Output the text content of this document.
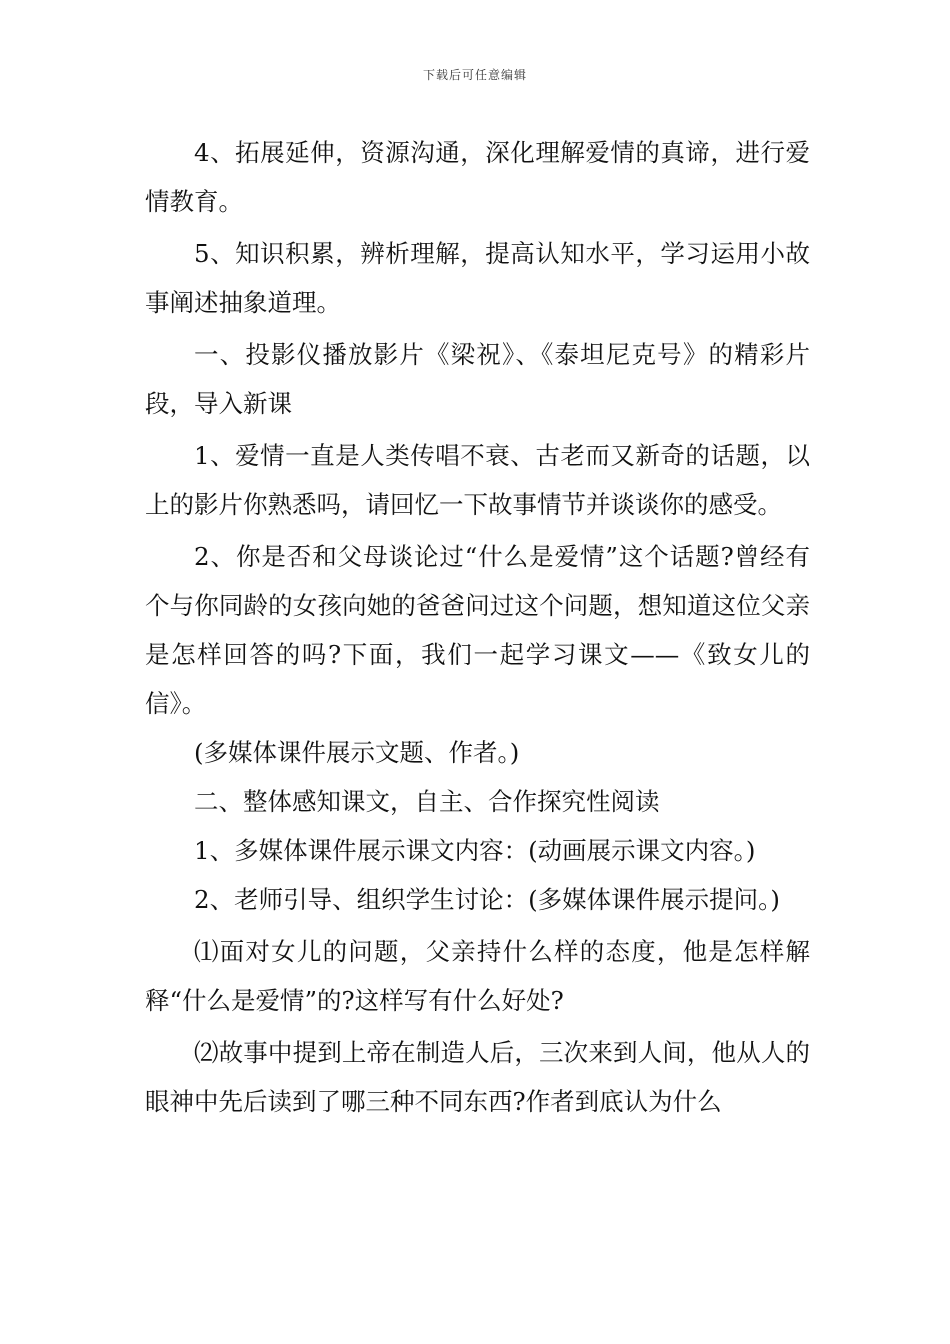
下载后可任意编辑

4、拓展延伸，资源沟通，深化理解爱情的真谛，进行爱情教育。

5、知识积累，辨析理解，提高认知水平，学习运用小故事阐述抽象道理。

一、投影仪播放影片《梁祝》、《泰坦尼克号》的精彩片段，导入新课

1、爱情一直是人类传唱不衰、古老而又新奇的话题，以上的影片你熟悉吗，请回忆一下故事情节并谈谈你的感受。

2、你是否和父母谈论过“什么是爱情”这个话题?曾经有个与你同龄的女孩向她的爸爸问过这个问题，想知道这位父亲是怎样回答的吗?下面，我们一起学习课文——《致女儿的信》。

(多媒体课件展示文题、作者。)

二、整体感知课文，自主、合作探究性阅读

1、多媒体课件展示课文内容：(动画展示课文内容。)

2、老师引导、组织学生讨论：(多媒体课件展示提问。)

⑴面对女儿的问题，父亲持什么样的态度，他是怎样解释“什么是爱情”的?这样写有什么好处?

⑵故事中提到上帝在制造人后，三次来到人间，他从人的眼神中先后读到了哪三种不同东西?作者到底认为什么
